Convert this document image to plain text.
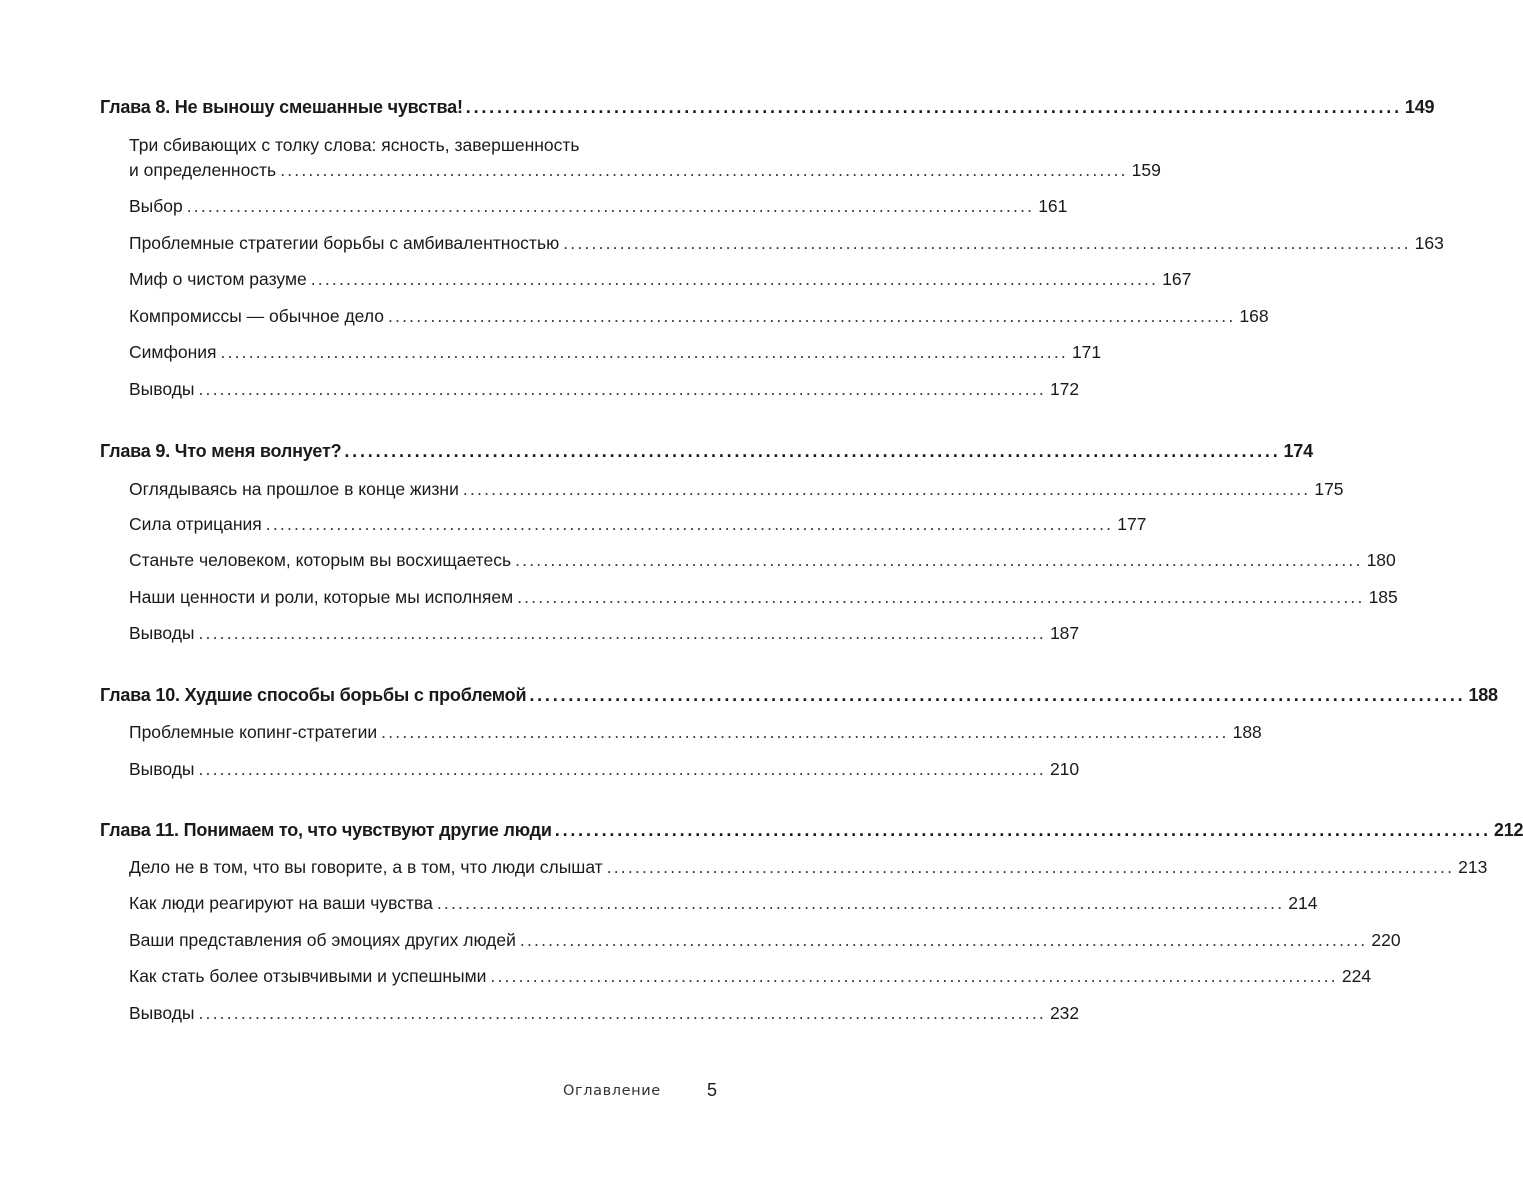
Глава 8. Не выношу смешанные чувства! ........................................................................................................................ 149
Три сбивающих с толку слова: ясность, завершенность
и определенность ........................................................................................................................ 159
Выбор ........................................................................................................................ 161
Проблемные стратегии борьбы с амбивалентностью ........................................................................................................................ 163
Миф о чистом разуме ........................................................................................................................ 167
Компромиссы — обычное дело ........................................................................................................................ 168
Симфония ........................................................................................................................ 171
Выводы ........................................................................................................................ 172
Глава 9. Что меня волнует? ........................................................................................................................ 174
Оглядываясь на прошлое в конце жизни ........................................................................................................................ 175
Сила отрицания ........................................................................................................................ 177
Станьте человеком, которым вы восхищаетесь ........................................................................................................................ 180
Наши ценности и роли, которые мы исполняем ........................................................................................................................ 185
Выводы ........................................................................................................................ 187
Глава 10. Худшие способы борьбы с проблемой ........................................................................................................................ 188
Проблемные копинг-стратегии ........................................................................................................................ 188
Выводы ........................................................................................................................ 210
Глава 11. Понимаем то, что чувствуют другие люди ........................................................................................................................ 212
Дело не в том, что вы говорите, а в том, что люди слышат ........................................................................................................................ 213
Как люди реагируют на ваши чувства ........................................................................................................................ 214
Ваши представления об эмоциях других людей ........................................................................................................................ 220
Как стать более отзывчивыми и успешными ........................................................................................................................ 224
Выводы ........................................................................................................................ 232
Оглавление	5
